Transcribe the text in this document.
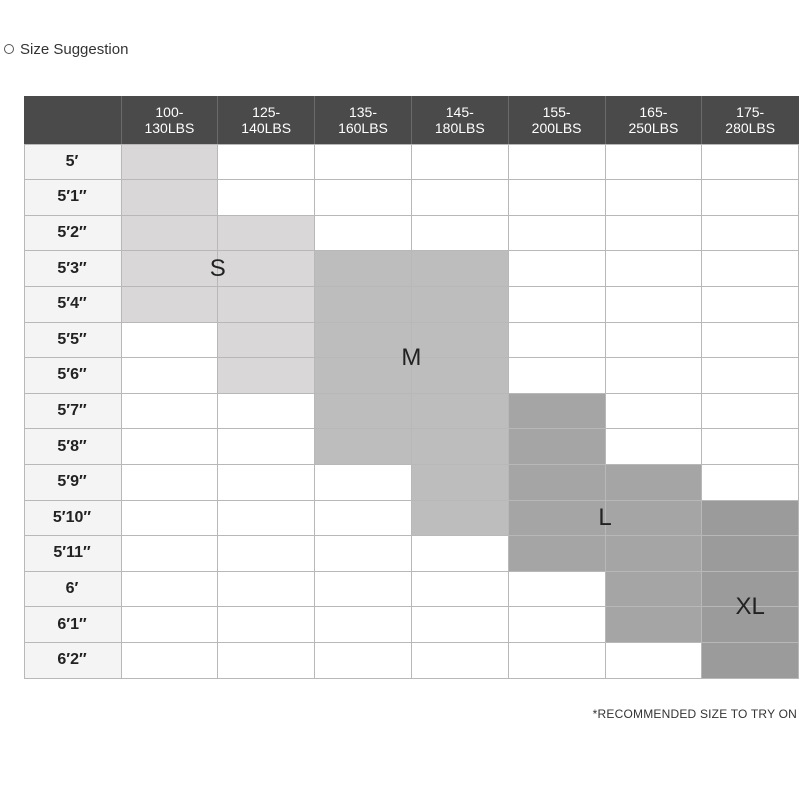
Size Suggestion
100-
130LBS
125-
140LBS
135-
160LBS
145-
180LBS
155-
200LBS
165-
250LBS
175-
280LBS
5′
5′1″
5′2″
5′3″
5′4″
5′5″
5′6″
5′7″
5′8″
5′9″
5′10″
5′11″
6′
6′1″
6′2″
S
M
L
XL
*RECOMMENDED SIZE TO TRY ON
